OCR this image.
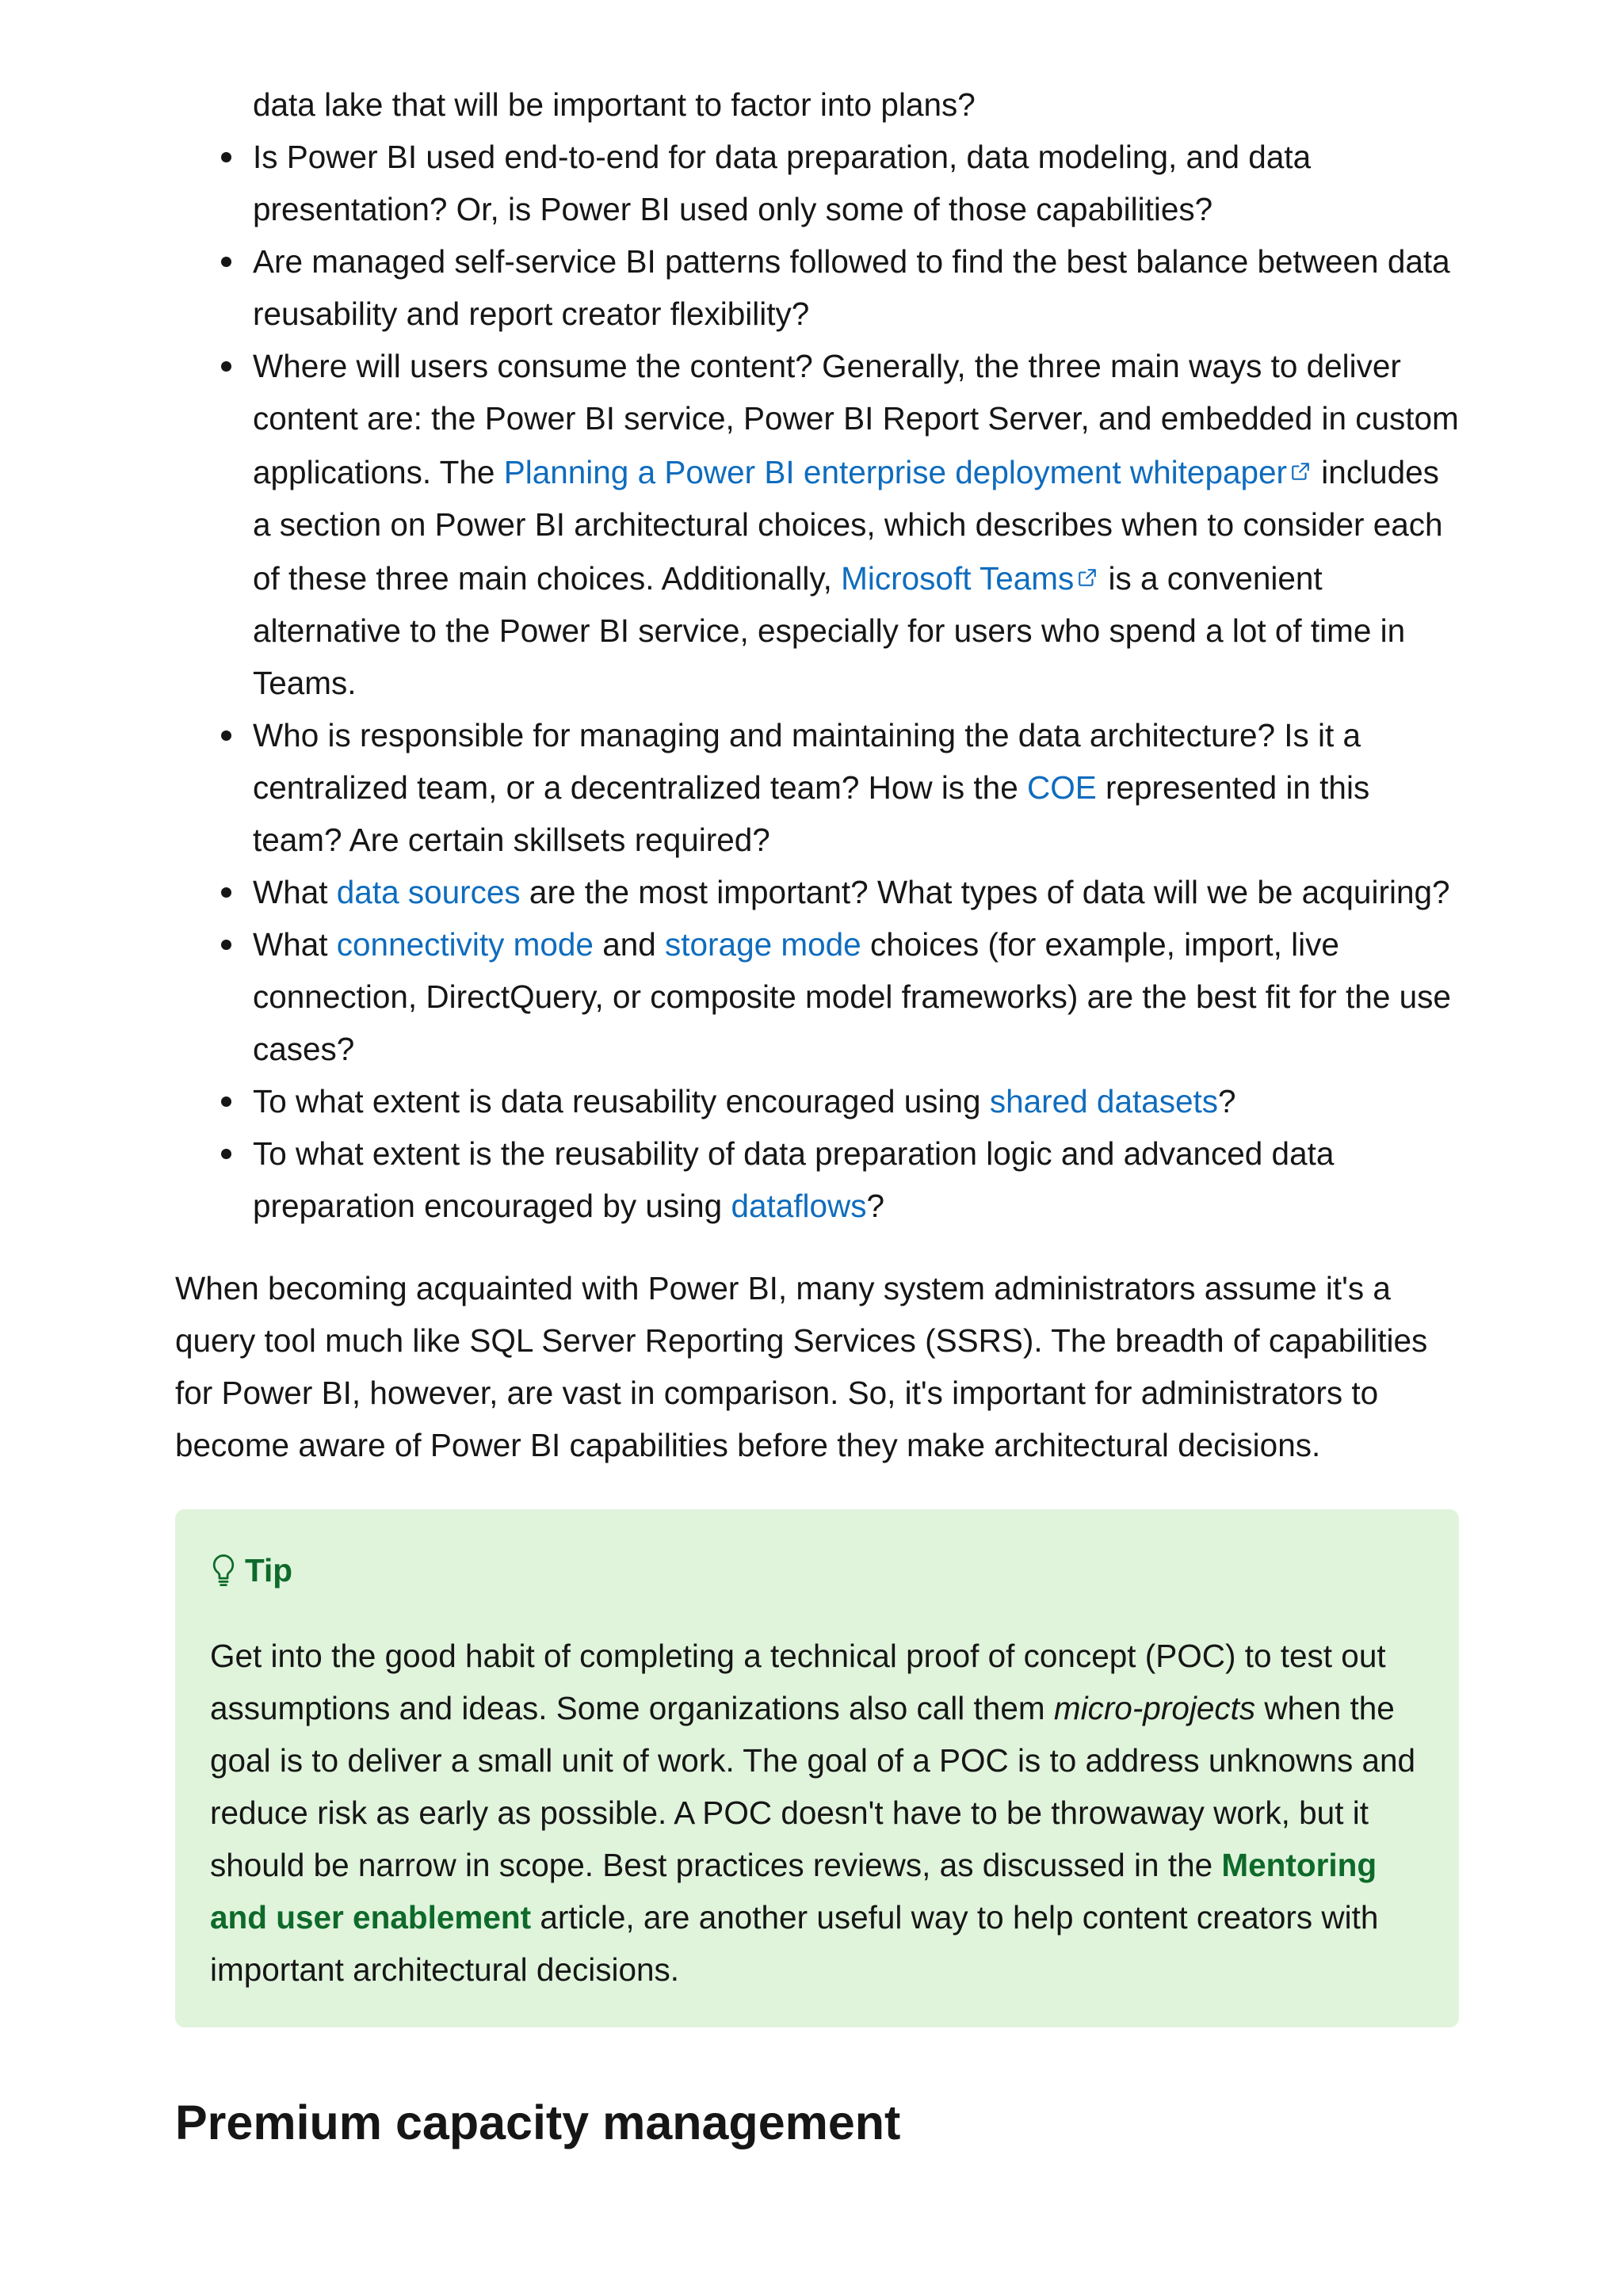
data lake that will be important to factor into plans?
Is Power BI used end-to-end for data preparation, data modeling, and data presentation? Or, is Power BI used only some of those capabilities?
Are managed self-service BI patterns followed to find the best balance between data reusability and report creator flexibility?
Where will users consume the content? Generally, the three main ways to deliver content are: the Power BI service, Power BI Report Server, and embedded in custom applications. The Planning a Power BI enterprise deployment whitepaper includes a section on Power BI architectural choices, which describes when to consider each of these three main choices. Additionally, Microsoft Teams is a convenient alternative to the Power BI service, especially for users who spend a lot of time in Teams.
Who is responsible for managing and maintaining the data architecture? Is it a centralized team, or a decentralized team? How is the COE represented in this team? Are certain skillsets required?
What data sources are the most important? What types of data will we be acquiring?
What connectivity mode and storage mode choices (for example, import, live connection, DirectQuery, or composite model frameworks) are the best fit for the use cases?
To what extent is data reusability encouraged using shared datasets?
To what extent is the reusability of data preparation logic and advanced data preparation encouraged by using dataflows?

When becoming acquainted with Power BI, many system administrators assume it's a query tool much like SQL Server Reporting Services (SSRS). The breadth of capabilities for Power BI, however, are vast in comparison. So, it's important for administrators to become aware of Power BI capabilities before they make architectural decisions.

Tip

Get into the good habit of completing a technical proof of concept (POC) to test out assumptions and ideas. Some organizations also call them micro-projects when the goal is to deliver a small unit of work. The goal of a POC is to address unknowns and reduce risk as early as possible. A POC doesn't have to be throwaway work, but it should be narrow in scope. Best practices reviews, as discussed in the Mentoring and user enablement article, are another useful way to help content creators with important architectural decisions.

Premium capacity management
